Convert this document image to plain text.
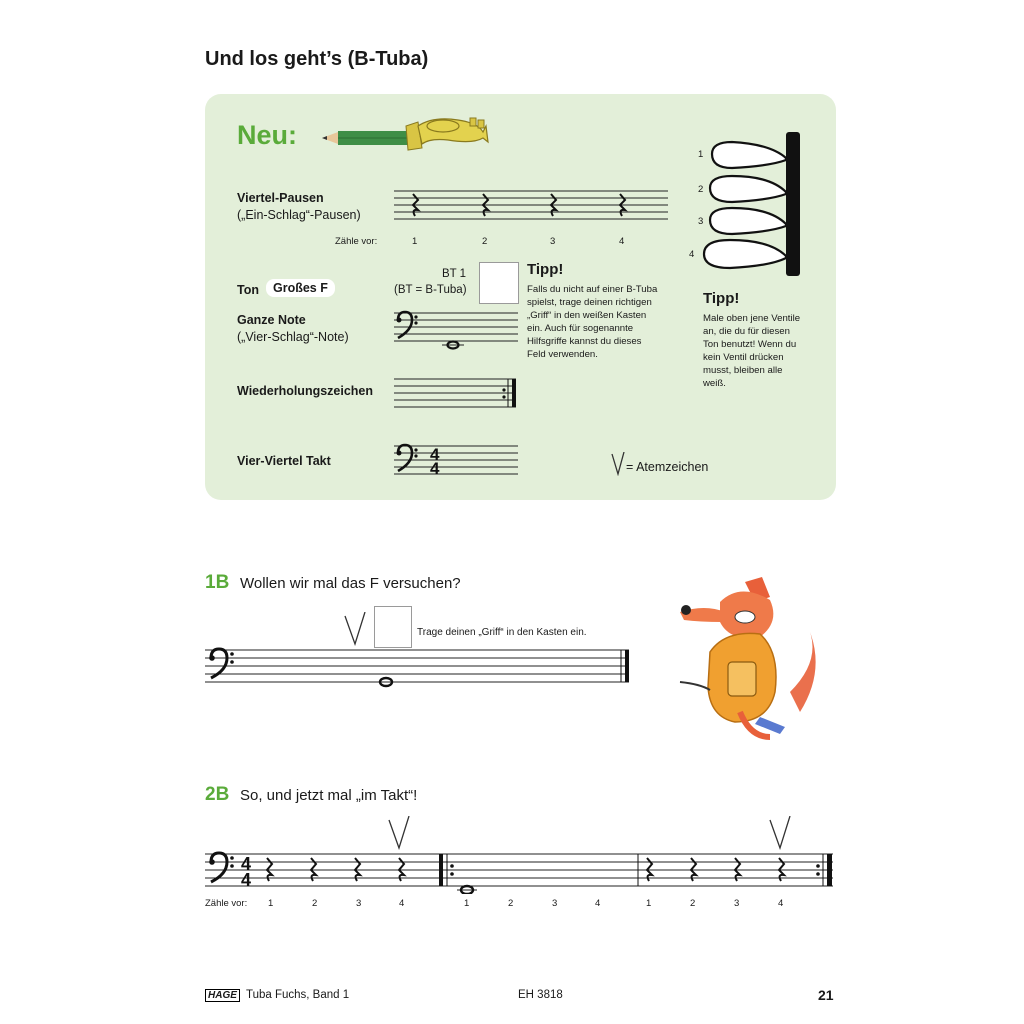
Und los geht’s (B-Tuba)
Neu:
Viertel-Pausen
(„Ein-Schlag“-Pausen)
Zähle vor:	1	2	3	4
Ton	Großes F
BT 1
(BT = B-Tuba)
Tipp!
Falls du nicht auf einer B-Tuba
spielst, trage deinen richtigen
„Griff“ in den weißen Kasten
ein. Auch für sogenannte
Hilfsgriffe kannst du dieses
Feld verwenden.
Ganze Note
(„Vier-Schlag“-Note)
Wiederholungszeichen
Vier-Viertel Takt	4
4	= Atemzeichen
1
2
3
4
Tipp!
Male oben jene Ventile
an, die du für diesen
Ton benutzt! Wenn du
kein Ventil drücken
musst, bleiben alle
weiß.
1B Wollen wir mal das F versuchen?
Trage deinen „Griff“ in den Kasten ein.
2B So, und jetzt mal „im Takt“!
4
4
Zähle vor: 1	2	3	4	1	2	3	4	1	2	3	4
HAGE Tuba Fuchs, Band 1	EH 3818	21
